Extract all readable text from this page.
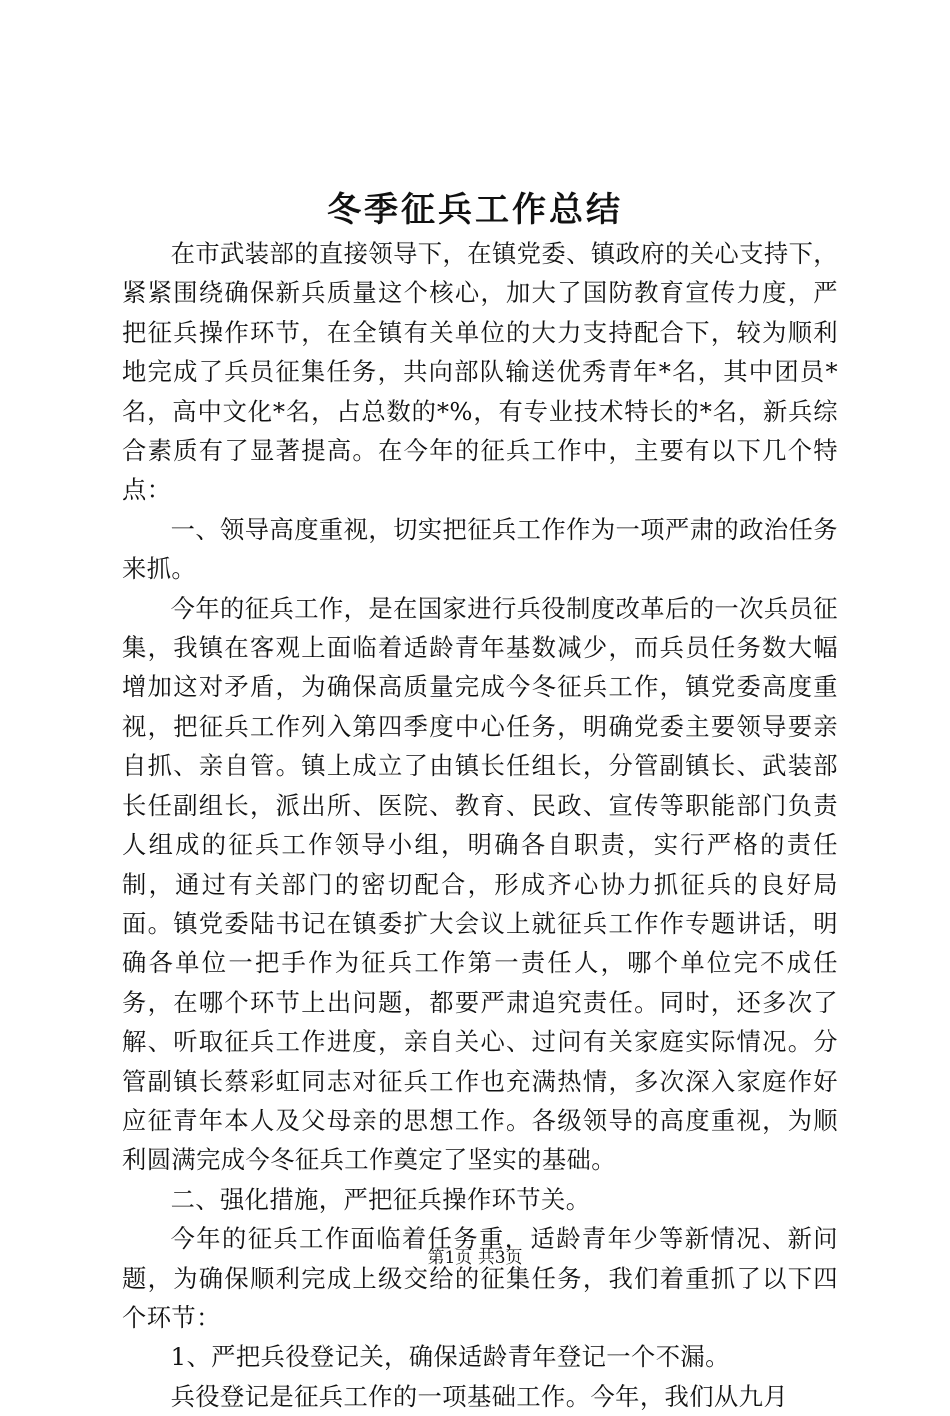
冬季征兵工作总结

在市武装部的直接领导下，在镇党委、镇政府的关心支持下，紧紧围绕确保新兵质量这个核心，加大了国防教育宣传力度，严把征兵操作环节，在全镇有关单位的大力支持配合下，较为顺利地完成了兵员征集任务，共向部队输送优秀青年*名，其中团员*名，高中文化*名，占总数的*%，有专业技术特长的*名，新兵综合素质有了显著提高。在今年的征兵工作中，主要有以下几个特点：

一、领导高度重视，切实把征兵工作作为一项严肃的政治任务来抓。

今年的征兵工作，是在国家进行兵役制度改革后的一次兵员征集，我镇在客观上面临着适龄青年基数减少，而兵员任务数大幅增加这对矛盾，为确保高质量完成今冬征兵工作，镇党委高度重视，把征兵工作列入第四季度中心任务，明确党委主要领导要亲自抓、亲自管。镇上成立了由镇长任组长，分管副镇长、武装部长任副组长，派出所、医院、教育、民政、宣传等职能部门负责人组成的征兵工作领导小组，明确各自职责，实行严格的责任制，通过有关部门的密切配合，形成齐心协力抓征兵的良好局面。镇党委陆书记在镇委扩大会议上就征兵工作作专题讲话，明确各单位一把手作为征兵工作第一责任人，哪个单位完不成任务，在哪个环节上出问题，都要严肃追究责任。同时，还多次了解、听取征兵工作进度，亲自关心、过问有关家庭实际情况。分管副镇长蔡彩虹同志对征兵工作也充满热情，多次深入家庭作好应征青年本人及父母亲的思想工作。各级领导的高度重视，为顺利圆满完成今冬征兵工作奠定了坚实的基础。

二、强化措施，严把征兵操作环节关。

今年的征兵工作面临着任务重，适龄青年少等新情况、新问题，为确保顺利完成上级交给的征集任务，我们着重抓了以下四个环节：

1、严把兵役登记关，确保适龄青年登记一个不漏。

兵役登记是征兵工作的一项基础工作。今年，我们从九月

第1页 共3页
